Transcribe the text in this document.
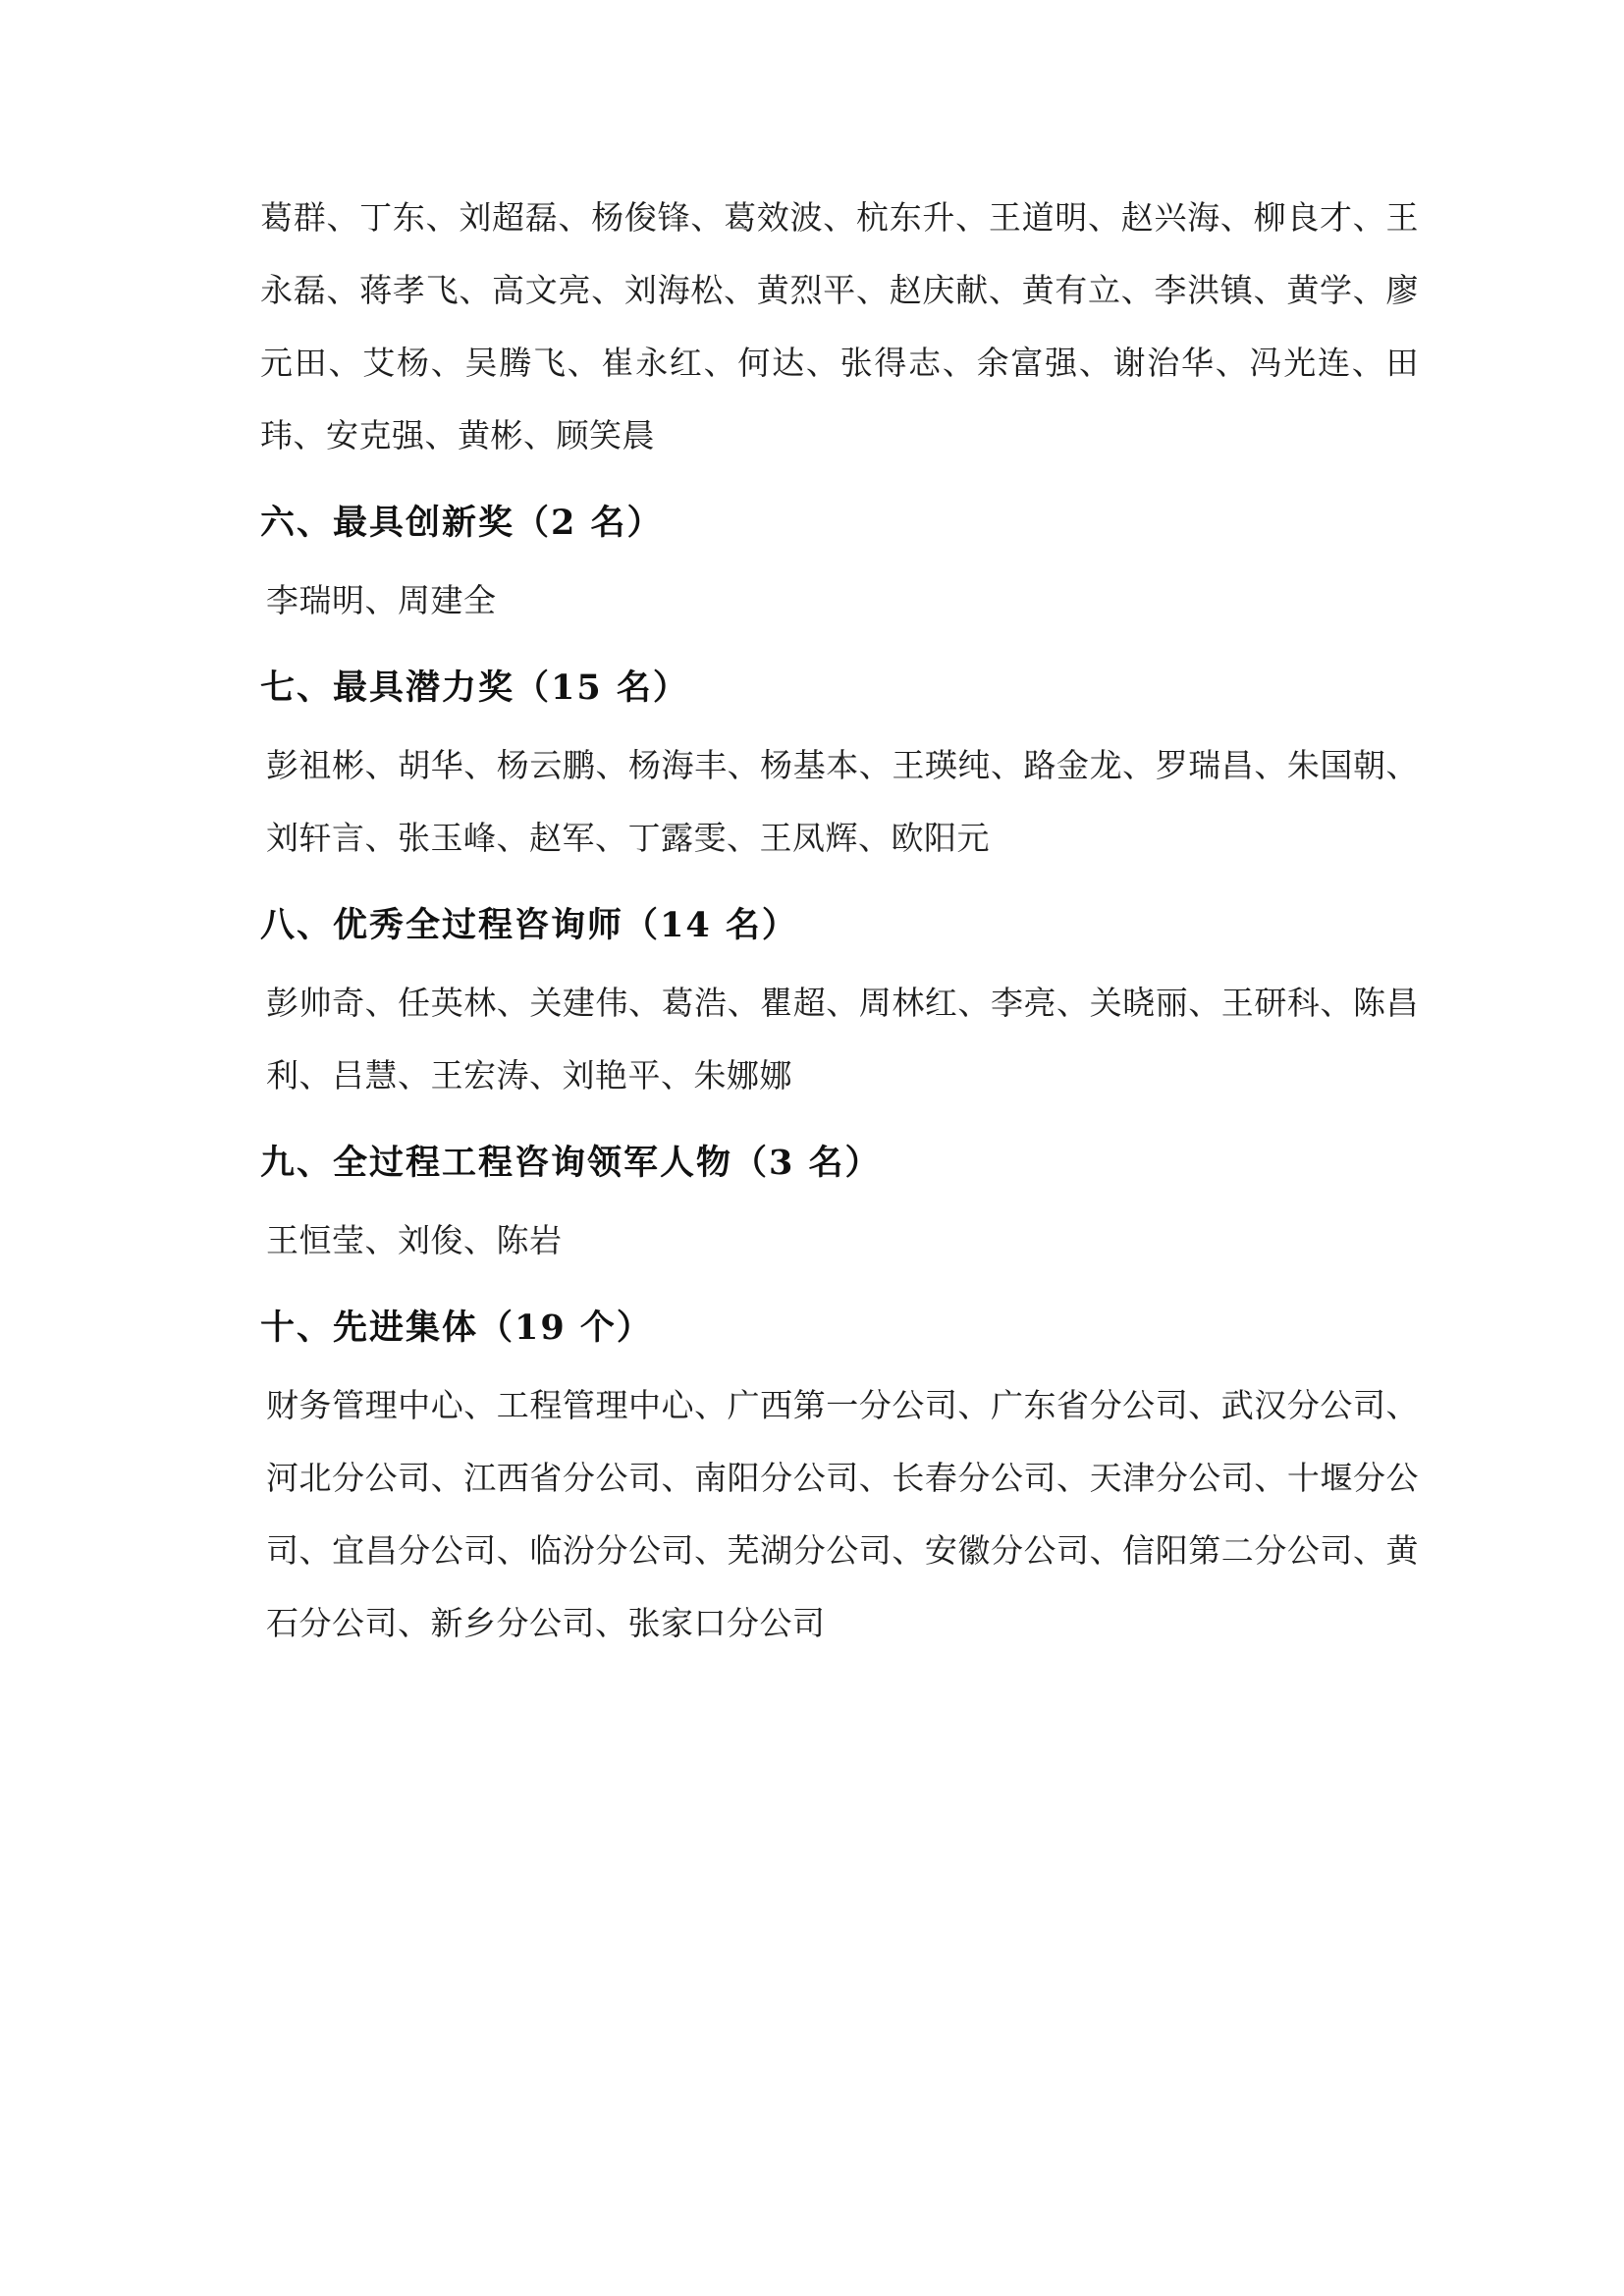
葛群、丁东、刘超磊、杨俊锋、葛效波、杭东升、王道明、赵兴海、柳良才、王永磊、蒋孝飞、高文亮、刘海松、黄烈平、赵庆献、黄有立、李洪镇、黄学、廖元田、艾杨、吴腾飞、崔永红、何达、张得志、余富强、谢治华、冯光连、田玮、安克强、黄彬、顾笑晨

六、最具创新奖（2 名）

李瑞明、周建全

七、最具潜力奖（15 名）

彭祖彬、胡华、杨云鹏、杨海丰、杨基本、王瑛纯、路金龙、罗瑞昌、朱国朝、刘轩言、张玉峰、赵军、丁露雯、王凤辉、欧阳元

八、优秀全过程咨询师（14 名）

彭帅奇、任英林、关建伟、葛浩、瞿超、周林红、李亮、关晓丽、王研科、陈昌利、吕慧、王宏涛、刘艳平、朱娜娜

九、全过程工程咨询领军人物（3 名）

王恒莹、刘俊、陈岩

十、先进集体（19 个）

财务管理中心、工程管理中心、广西第一分公司、广东省分公司、武汉分公司、河北分公司、江西省分公司、南阳分公司、长春分公司、天津分公司、十堰分公司、宜昌分公司、临汾分公司、芜湖分公司、安徽分公司、信阳第二分公司、黄石分公司、新乡分公司、张家口分公司
